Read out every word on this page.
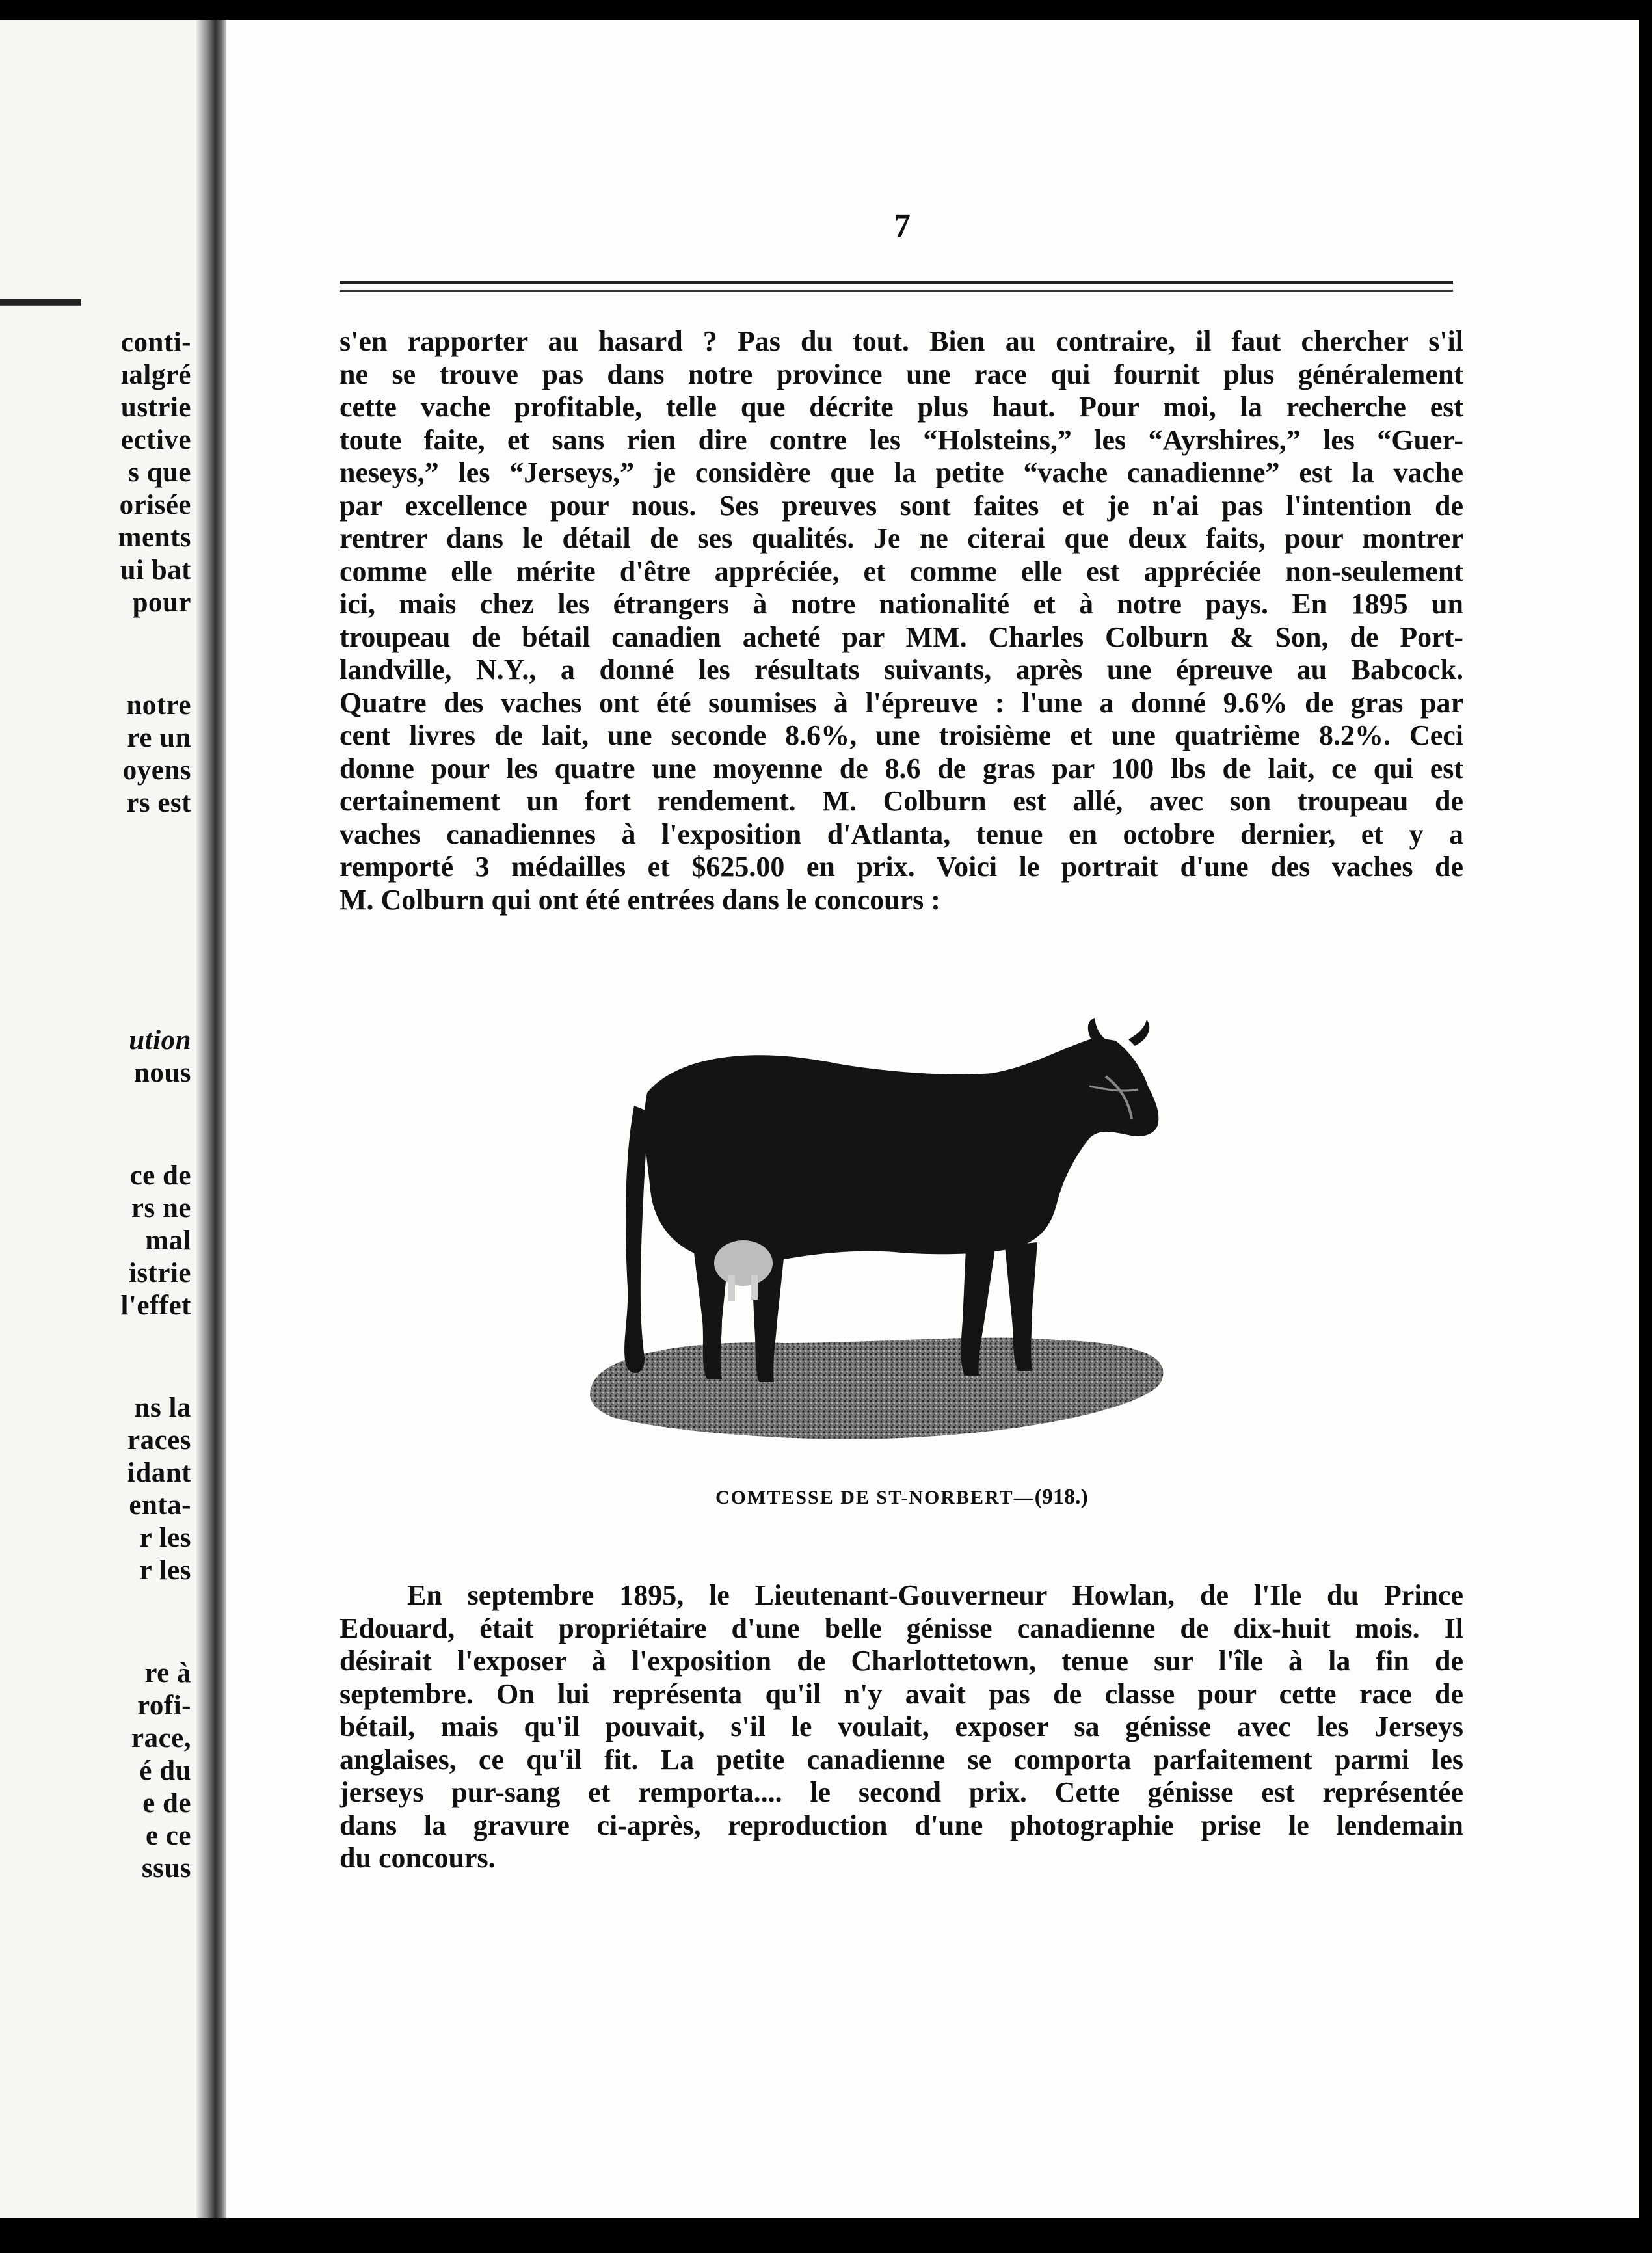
conti-
ıalgré
ustrie
ective
s que
orisée
ments
ui bat
pour
notre
re un
oyens
rs est
ution
nous
ce de
rs ne
mal
istrie
l'effet
ns la
races
idant
enta-
r les
r les
re à
rofi-
race,
é du
e de
e ce
ssus
7
s'en rapporter au hasard ? Pas du tout. Bien au contraire, il faut chercher s'il
ne se trouve pas dans notre province une race qui fournit plus généralement
cette vache profitable, telle que décrite plus haut. Pour moi, la recherche est
toute faite, et sans rien dire contre les “Holsteins,” les “Ayrshires,” les “Guer-
neseys,” les “Jerseys,” je considère que la petite “vache canadienne” est la vache
par excellence pour nous. Ses preuves sont faites et je n'ai pas l'intention de
rentrer dans le détail de ses qualités. Je ne citerai que deux faits, pour montrer
comme elle mérite d'être appréciée, et comme elle est appréciée non-seulement
ici, mais chez les étrangers à notre nationalité et à notre pays. En 1895 un
troupeau de bétail canadien acheté par MM. Charles Colburn & Son, de Port-
landville, N.Y., a donné les résultats suivants, après une épreuve au Babcock.
Quatre des vaches ont été soumises à l'épreuve : l'une a donné 9.6% de gras par
cent livres de lait, une seconde 8.6%, une troisième et une quatrième 8.2%. Ceci
donne pour les quatre une moyenne de 8.6 de gras par 100 lbs de lait, ce qui est
certainement un fort rendement. M. Colburn est allé, avec son troupeau de
vaches canadiennes à l'exposition d'Atlanta, tenue en octobre dernier, et y a
remporté 3 médailles et $625.00 en prix. Voici le portrait d'une des vaches de
M. Colburn qui ont été entrées dans le concours :
COMTESSE DE ST-NORBERT—(918.)
En septembre 1895, le Lieutenant-Gouverneur Howlan, de l'Ile du Prince
Edouard, était propriétaire d'une belle génisse canadienne de dix-huit mois. Il
désirait l'exposer à l'exposition de Charlottetown, tenue sur l'île à la fin de
septembre. On lui représenta qu'il n'y avait pas de classe pour cette race de
bétail, mais qu'il pouvait, s'il le voulait, exposer sa génisse avec les Jerseys
anglaises, ce qu'il fit. La petite canadienne se comporta parfaitement parmi les
jerseys pur-sang et remporta.... le second prix. Cette génisse est représentée
dans la gravure ci-après, reproduction d'une photographie prise le lendemain
du concours.
